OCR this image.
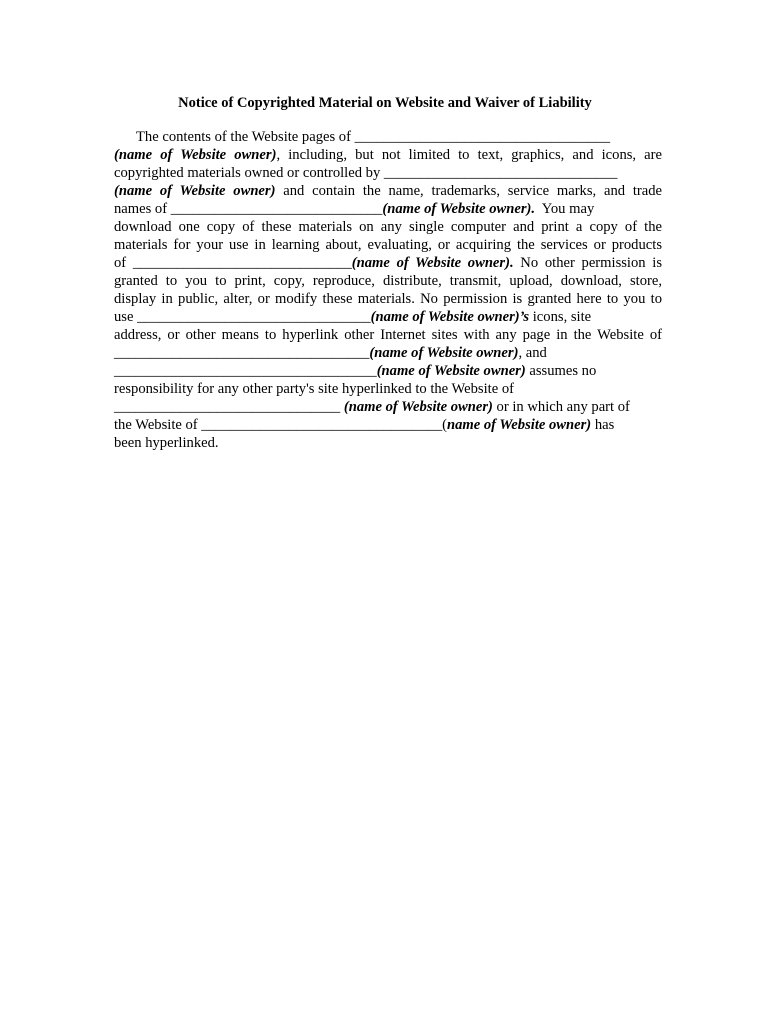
Notice of Copyrighted Material on Website and Waiver of Liability
The contents of the Website pages of ___________________________________
(name of Website owner), including, but not limited to text, graphics, and icons, are
copyrighted materials owned or controlled by ________________________________
(name of Website owner) and contain the name, trademarks, service marks, and trade
names of _____________________________(name of Website owner).  You may
download one copy of these materials on any single computer and print a copy of the
materials for your use in learning about, evaluating, or acquiring the services or products
of ______________________________(name of Website owner). No other permission is
granted to you to print, copy, reproduce, distribute, transmit, upload, download, store,
display in public, alter, or modify these materials. No permission is granted here to you to
use ________________________________(name of Website owner)’s icons, site
address, or other means to hyperlink other Internet sites with any page in the Website of
___________________________________(name of Website owner), and
____________________________________(name of Website owner) assumes no
responsibility for any other party's site hyperlinked to the Website of
_______________________________ (name of Website owner) or in which any part of
the Website of _________________________________(name of Website owner) has
been hyperlinked.
